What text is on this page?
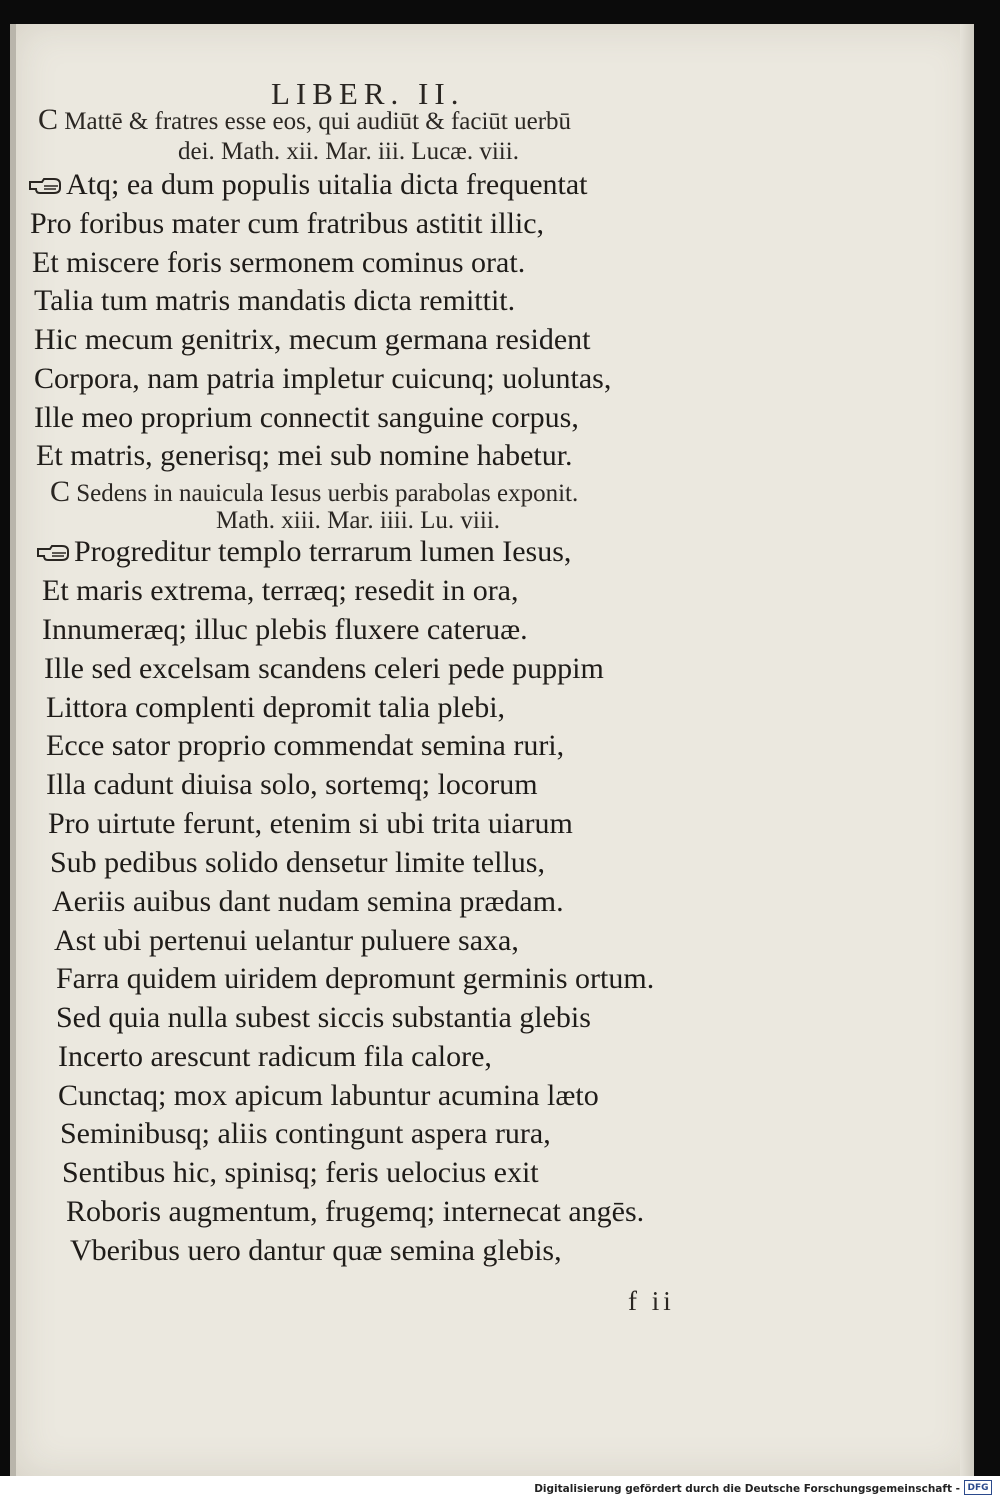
LIBER. II.
C Mattē & fratres esse eos, qui audiūt & faciūt uerbū
dei. Math. xii. Mar. iii. Lucæ. viii.
Atq; ea dum populis uitalia dicta frequentat
Pro foribus mater cum fratribus astitit illic,
Et miscere foris sermonem cominus orat.
Talia tum matris mandatis dicta remittit.
Hic mecum genitrix, mecum germana resident
Corpora, nam patria impletur cuicunq; uoluntas,
Ille meo proprium connectit sanguine corpus,
Et matris, generisq; mei sub nomine habetur.
C Sedens in nauicula Iesus uerbis parabolas exponit.
Math. xiii. Mar. iiii. Lu. viii.
Progreditur templo terrarum lumen Iesus,
Et maris extrema, terræq; resedit in ora,
Innumeræq; illuc plebis fluxere cateruæ.
Ille sed excelsam scandens celeri pede puppim
Littora complenti depromit talia plebi,
Ecce sator proprio commendat semina ruri,
Illa cadunt diuisa solo, sortemq; locorum
Pro uirtute ferunt, etenim si ubi trita uiarum
Sub pedibus solido densetur limite tellus,
Aeriis auibus dant nudam semina prædam.
Ast ubi pertenui uelantur puluere saxa,
Farra quidem uiridem depromunt germinis ortum.
Sed quia nulla subest siccis substantia glebis
Incerto arescunt radicum fila calore,
Cunctaq; mox apicum labuntur acumina læto
Seminibusq; aliis contingunt aspera rura,
Sentibus hic, spinisq; feris uelocius exit
Roboris augmentum, frugemq; internecat angēs.
Vberibus uero dantur quæ semina glebis,
f ii
Digitalisierung gefördert durch die Deutsche Forschungsgemeinschaft - DFG
